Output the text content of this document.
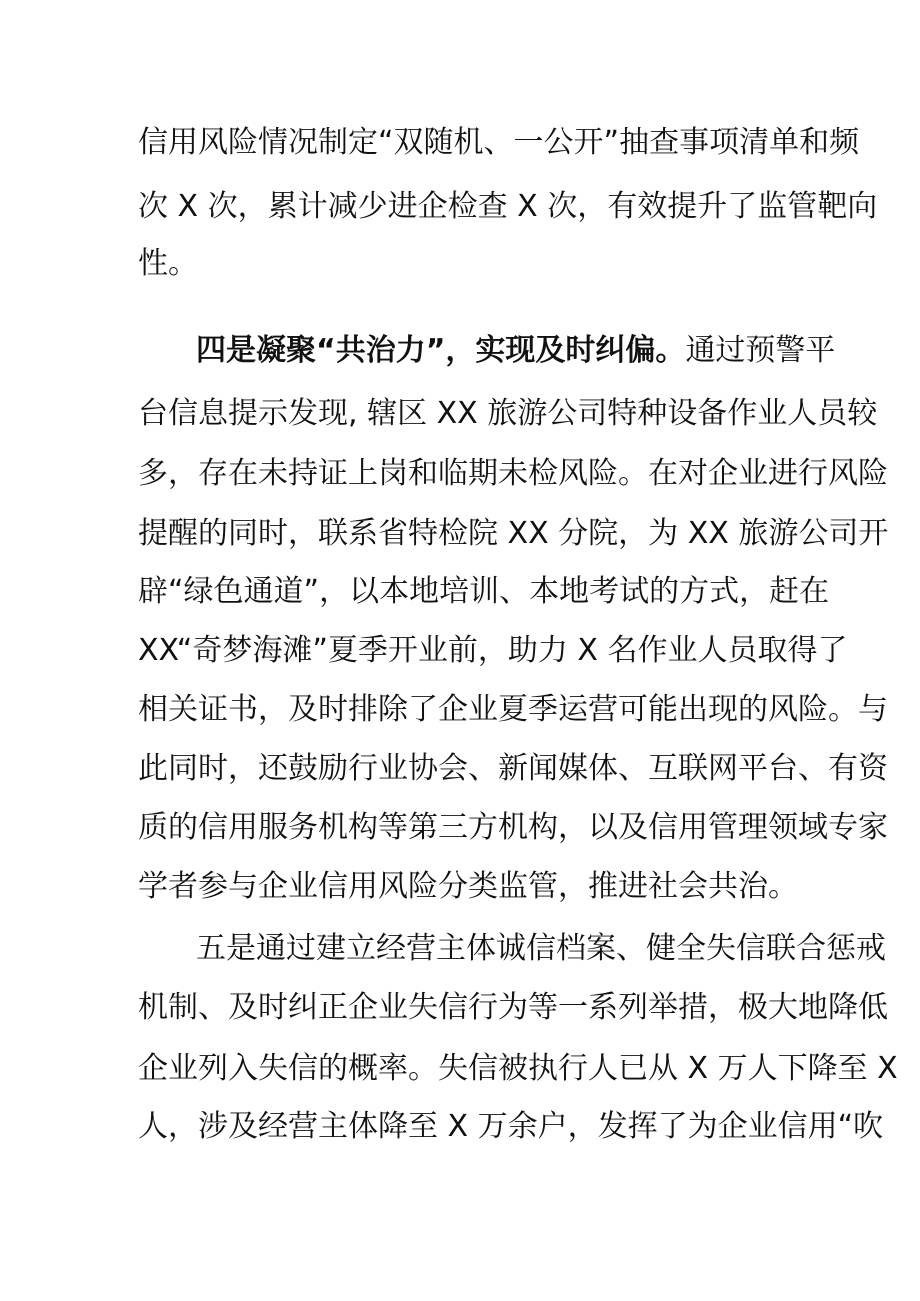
信用风险情况制定“双随机、一公开”抽查事项清单和频
次 X 次，累计减少进企检查 X 次，有效提升了监管靶向
性。
四是凝聚“共治力”，实现及时纠偏。通过预警平
台信息提示发现, 辖区 XX 旅游公司特种设备作业人员较
多，存在未持证上岗和临期未检风险。在对企业进行风险
提醒的同时，联系省特检院 XX 分院，为 XX 旅游公司开
辟“绿色通道”，以本地培训、本地考试的方式，赶在
XX“奇梦海滩”夏季开业前，助力 X 名作业人员取得了
相关证书，及时排除了企业夏季运营可能出现的风险。与
此同时，还鼓励行业协会、新闻媒体、互联网平台、有资
质的信用服务机构等第三方机构，以及信用管理领域专家
学者参与企业信用风险分类监管，推进社会共治。
五是通过建立经营主体诚信档案、健全失信联合惩戒
机制、及时纠正企业失信行为等一系列举措，极大地降低
企业列入失信的概率。失信被执行人已从 X 万人下降至 X
人，涉及经营主体降至 X 万余户，发挥了为企业信用“吹
